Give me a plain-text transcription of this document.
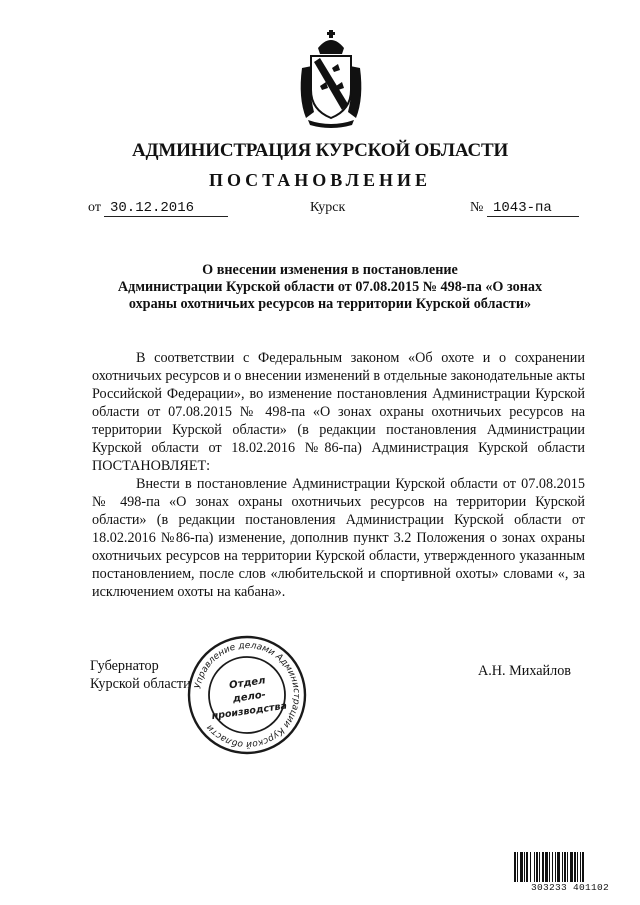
АДМИНИСТРАЦИЯ КУРСКОЙ ОБЛАСТИ
ПОСТАНОВЛЕНИЕ
от 30.12.2016	Курск	№ 1043-па
О внесении изменения в постановление
Администрации Курской области от 07.08.2015 № 498-па «О зонах
охраны охотничьих ресурсов на территории Курской области»

В соответствии с Федеральным законом «Об охоте и о сохранении охотничьих ресурсов и о внесении изменений в отдельные законодательные акты Российской Федерации», во изменение постановления Администрации Курской области от 07.08.2015 № 498-па «О зонах охраны охотничьих ресурсов на территории Курской области» (в редакции постановления Администрации Курской области от 18.02.2016 №86-па) Администрация Курской области ПОСТАНОВЛЯЕТ:

Внести в постановление Администрации Курской области от 07.08.2015 № 498-па «О зонах охраны охотничьих ресурсов на территории Курской области» (в редакции постановления Администрации Курской области от 18.02.2016 №86-па) изменение, дополнив пункт 3.2 Положения о зонах охраны охотничьих ресурсов на территории Курской области, утвержденного указанным постановлением, после слов «любительской и спортивной охоты» словами «, за исключением охоты на кабана».

Губернатор
Курской области Управление делами Администрации Курской области
Отдел
дело-
производства
А.Н. Михайлов
303233 401102
